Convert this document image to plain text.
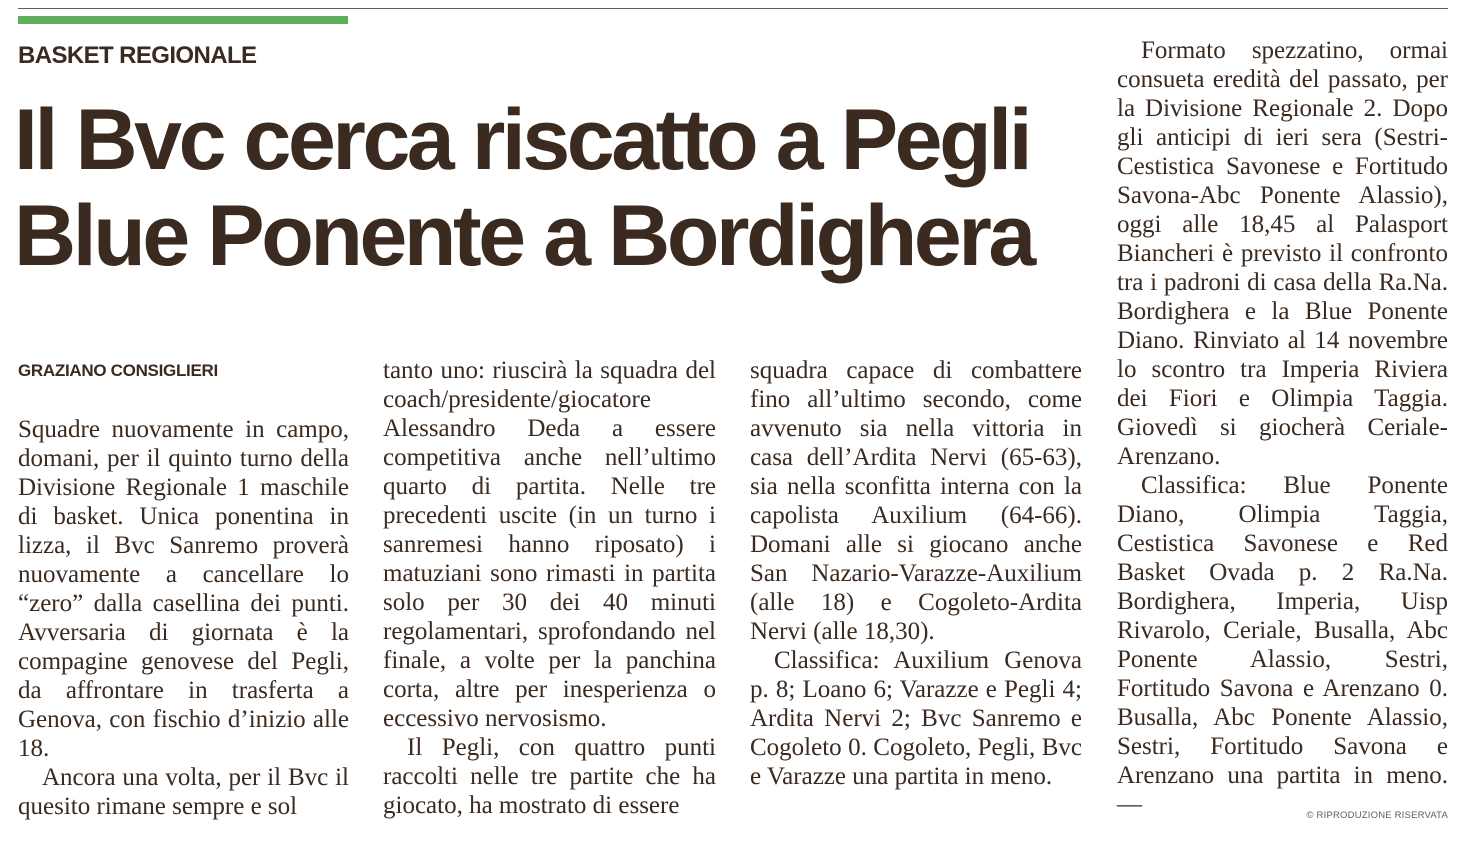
BASKET REGIONALE
Il Bvc cerca riscatto a Pegli
Blue Ponente a Bordighera
GRAZIANO CONSIGLIERI

Squadre nuovamente in campo, domani, per il quinto turno della Divisione Regionale 1 maschile di basket. Unica ponentina in lizza, il Bvc Sanremo proverà nuovamente a cancellare lo “zero” dalla casellina dei punti. Avversaria di giornata è la compagine genovese del Pegli, da affrontare in trasferta a Genova, con fischio d’inizio alle 18.

Ancora una volta, per il Bvc il quesito rimane sempre e sol

tanto uno: riuscirà la squadra del coach/presidente/giocatore Alessandro Deda a essere competitiva anche nell’ultimo quarto di partita. Nelle tre precedenti uscite (in un turno i sanremesi hanno riposato) i matuziani sono rimasti in partita solo per 30 dei 40 minuti regolamentari, sprofondando nel finale, a volte per la panchina corta, altre per inesperienza o eccessivo nervosismo.

Il Pegli, con quattro punti raccolti nelle tre partite che ha giocato, ha mostrato di essere

squadra capace di combattere fino all’ultimo secondo, come avvenuto sia nella vittoria in casa dell’Ardita Nervi (65-63), sia nella sconfitta interna con la capolista Auxilium (64-66). Domani alle si giocano anche San Nazario-Varazze-Auxilium (alle 18) e Cogoleto-Ardita Nervi (alle 18,30).

Classifica: Auxilium Genova p. 8; Loano 6; Varazze e Pegli 4; Ardita Nervi 2; Bvc Sanremo e Cogoleto 0. Cogoleto, Pegli, Bvc e Varazze una partita in meno.

Formato spezzatino, ormai consueta eredità del passato, per la Divisione Regionale 2. Dopo gli anticipi di ieri sera (Sestri-Cestistica Savonese e Fortitudo Savona-Abc Ponente Alassio), oggi alle 18,45 al Palasport Biancheri è previsto il confronto tra i padroni di casa della Ra.Na. Bordighera e la Blue Ponente Diano. Rinviato al 14 novembre lo scontro tra Imperia Riviera dei Fiori e Olimpia Taggia. Giovedì si giocherà Ceriale-Arenzano.

Classifica: Blue Ponente Diano, Olimpia Taggia, Cestistica Savonese e Red Basket Ovada p. 2 Ra.Na. Bordighera, Imperia, Uisp Rivarolo, Ceriale, Busalla, Abc Ponente Alassio, Sestri, Fortitudo Savona e Arenzano 0. Busalla, Abc Ponente Alassio, Sestri, Fortitudo Savona e Arenzano una partita in meno. —	© RIPRODUZIONE RISERVATA
